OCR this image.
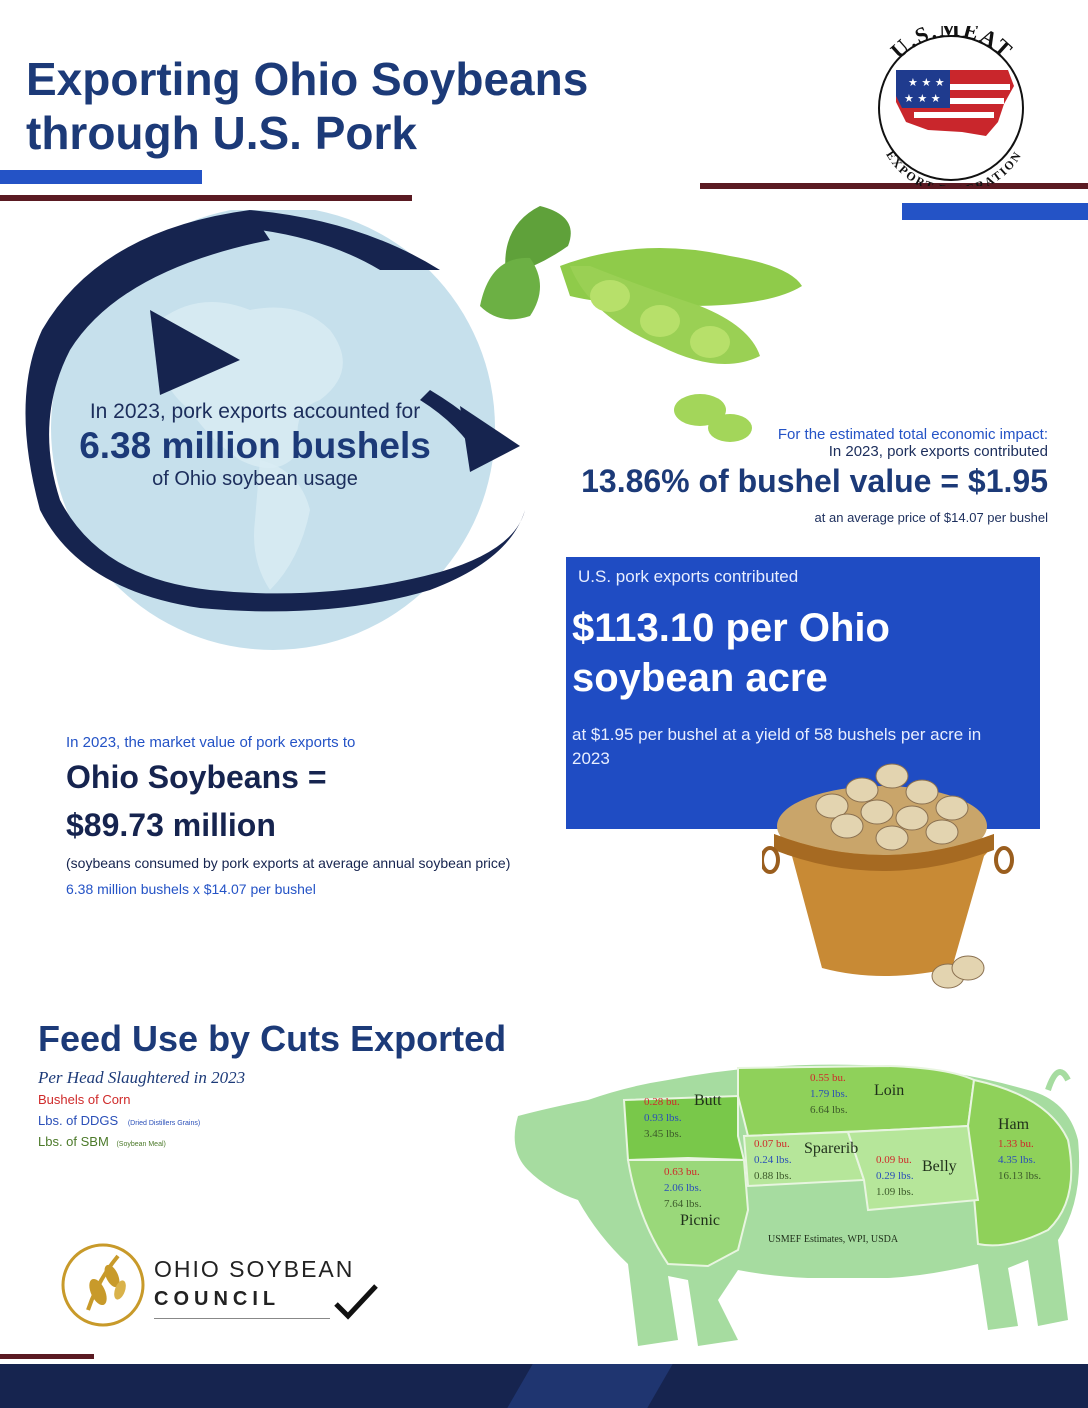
Exporting Ohio Soybeans
through U.S. Pork
★ ★ ★
★ ★ ★
U.S.MEAT
EXPORT RATION
In 2023, pork exports accounted for
6.38 million bushels
of Ohio soybean usage
For the estimated total economic impact:
In 2023, pork exports contributed
13.86% of bushel value = $1.95
at an average price of $14.07 per bushel
U.S. pork exports contributed
$113.10 per Ohio
soybean acre
at $1.95 per bushel at a yield of 58 bushels per acre in 2023
In 2023, the market value of pork exports to
Ohio Soybeans =
$89.73 million
(soybeans consumed by pork exports at average annual soybean price)
6.38 million bushels x $14.07 per bushel
Feed Use by Cuts Exported
Per Head Slaughtered in 2023
Bushels of Corn
Lbs. of DDGS (Dried Distillers Grains)
Lbs. of SBM (Soybean Meal)
Butt
0.28 bu.
0.93 lbs.
3.45 lbs.
Loin
0.55 bu.
1.79 lbs.
6.64 lbs.
Ham
1.33 bu.
4.35 lbs.
16.13 lbs.
Picnic
0.63 bu.
2.06 lbs.
7.64 lbs.
Sparerib
0.07 bu.
0.24 lbs.
0.88 lbs.
Belly
0.09 bu.
0.29 lbs.
1.09 lbs.
USMEF Estimates, WPI, USDA
OHIO SOYBEAN
COUNCIL
